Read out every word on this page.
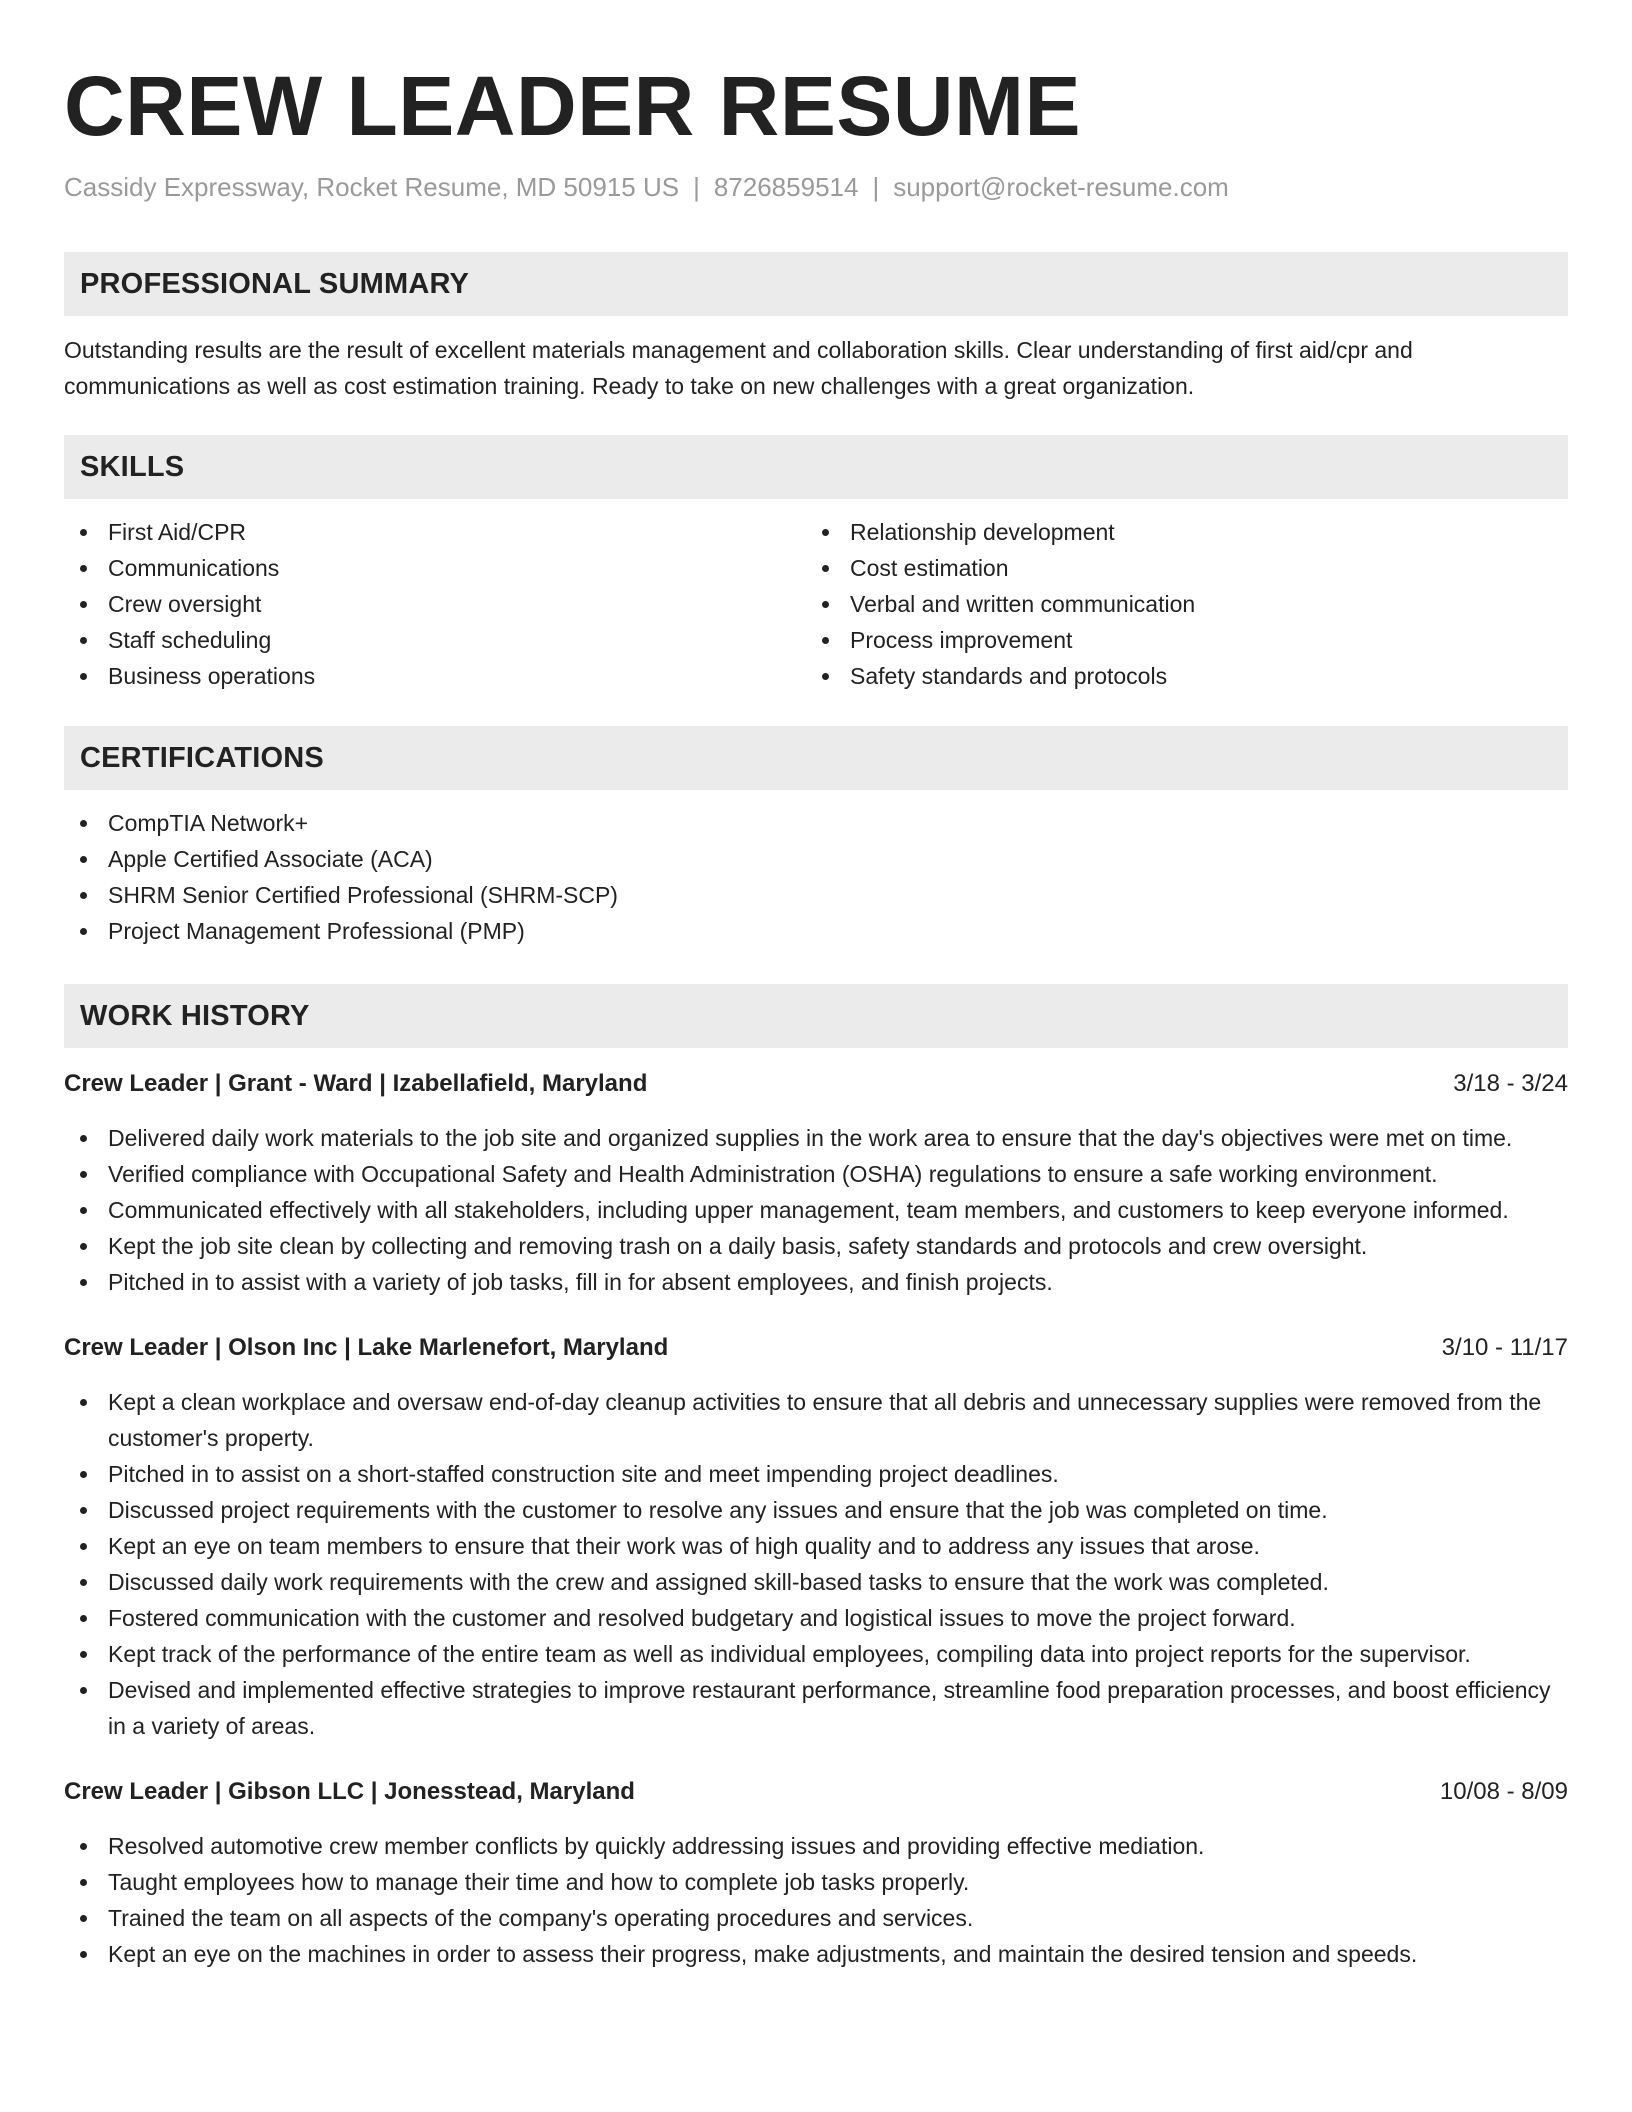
CREW LEADER RESUME
Cassidy Expressway, Rocket Resume, MD 50915 US | 8726859514 | support@rocket-resume.com
PROFESSIONAL SUMMARY

Outstanding results are the result of excellent materials management and collaboration skills. Clear understanding of first aid/cpr and communications as well as cost estimation training. Ready to take on new challenges with a great organization.

SKILLS
First Aid/CPR
Communications
Crew oversight
Staff scheduling
Business operations
Relationship development
Cost estimation
Verbal and written communication
Process improvement
Safety standards and protocols
CERTIFICATIONS
CompTIA Network+
Apple Certified Associate (ACA)
SHRM Senior Certified Professional (SHRM-SCP)
Project Management Professional (PMP)
WORK HISTORY
Crew Leader | Grant - Ward | Izabellafield, Maryland	3/18 - 3/24
Delivered daily work materials to the job site and organized supplies in the work area to ensure that the day's objectives were met on time.
Verified compliance with Occupational Safety and Health Administration (OSHA) regulations to ensure a safe working environment.
Communicated effectively with all stakeholders, including upper management, team members, and customers to keep everyone informed.
Kept the job site clean by collecting and removing trash on a daily basis, safety standards and protocols and crew oversight.
Pitched in to assist with a variety of job tasks, fill in for absent employees, and finish projects.
Crew Leader | Olson Inc | Lake Marlenefort, Maryland	3/10 - 11/17
Kept a clean workplace and oversaw end-of-day cleanup activities to ensure that all debris and unnecessary supplies were removed from the customer's property.
Pitched in to assist on a short-staffed construction site and meet impending project deadlines.
Discussed project requirements with the customer to resolve any issues and ensure that the job was completed on time.
Kept an eye on team members to ensure that their work was of high quality and to address any issues that arose.
Discussed daily work requirements with the crew and assigned skill-based tasks to ensure that the work was completed.
Fostered communication with the customer and resolved budgetary and logistical issues to move the project forward.
Kept track of the performance of the entire team as well as individual employees, compiling data into project reports for the supervisor.
Devised and implemented effective strategies to improve restaurant performance, streamline food preparation processes, and boost efficiency in a variety of areas.
Crew Leader | Gibson LLC | Jonesstead, Maryland	10/08 - 8/09
Resolved automotive crew member conflicts by quickly addressing issues and providing effective mediation.
Taught employees how to manage their time and how to complete job tasks properly.
Trained the team on all aspects of the company's operating procedures and services.
Kept an eye on the machines in order to assess their progress, make adjustments, and maintain the desired tension and speeds.
